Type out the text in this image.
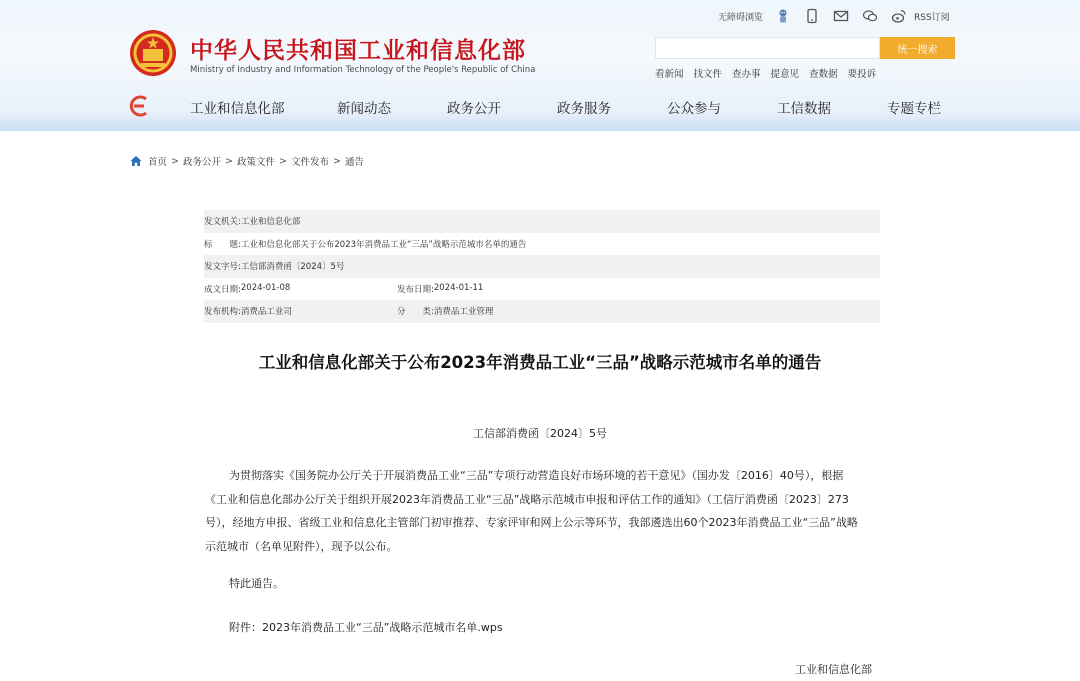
中华人民共和国工业和信息化部
Ministry of Industry and Information Technology of the People's Republic of China
无障碍浏览	RSS订阅
统一搜索
看新闻 找文件 查办事 提意见 查数据 要投诉
工业和信息化部	新闻动态	政务公开	政务服务	公众参与	工信数据	专题专栏
首页 > 政务公开 > 政策文件 > 文件发布 > 通告
发文机关: 工业和信息化部
标　　题: 工业和信息化部关于公布2023年消费品工业“三品”战略示范城市名单的通告
发文字号: 工信部消费函〔2024〕5号
成文日期: 2024-01-08	发布日期: 2024-01-11
发布机构: 消费品工业司	分　　类: 消费品工业管理
工业和信息化部关于公布2023年消费品工业“三品”战略示范城市名单的通告
工信部消费函〔2024〕5号

为贯彻落实《国务院办公厅关于开展消费品工业“三品”专项行动营造良好市场环境的若干意见》（国办发〔2016〕40号），根据《工业和信息化部办公厅关于组织开展2023年消费品工业“三品”战略示范城市申报和评估工作的通知》（工信厅消费函〔2023〕273号），经地方申报、省级工业和信息化主管部门初审推荐、专家评审和网上公示等环节，我部遴选出60个2023年消费品工业“三品”战略示范城市（名单见附件），现予以公布。

特此通告。
附件：2023年消费品工业“三品”战略示范城市名单.wps
工业和信息化部
